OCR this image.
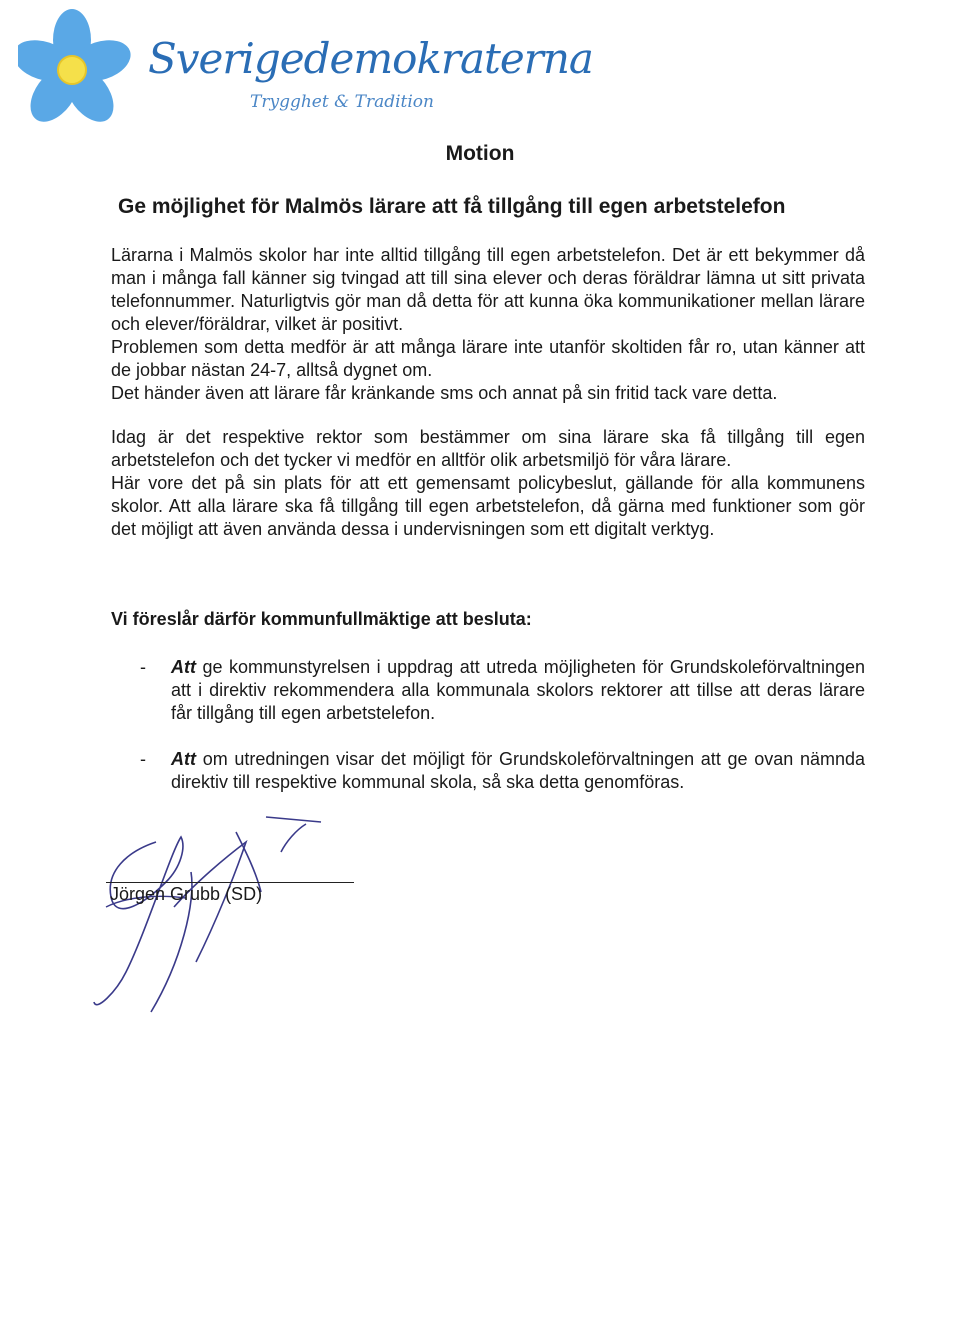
Sverigedemokraterna
Trygghet & Tradition
Motion
Ge möjlighet för Malmös lärare att få tillgång till egen arbetstelefon

Lärarna i Malmös skolor har inte alltid tillgång till egen arbetstelefon. Det är ett bekymmer då man i många fall känner sig tvingad att till sina elever och deras föräldrar lämna ut sitt privata telefonnummer. Naturligtvis gör man då detta för att kunna öka kommunikationer mellan lärare och elever/föräldrar, vilket är positivt.

Problemen som detta medför är att många lärare inte utanför skoltiden får ro, utan känner att de jobbar nästan 24-7, alltså dygnet om.

Det händer även att lärare får kränkande sms och annat på sin fritid tack vare detta.

Idag är det respektive rektor som bestämmer om sina lärare ska få tillgång till egen arbetstelefon och det tycker vi medför en alltför olik arbetsmiljö för våra lärare.

Här vore det på sin plats för att ett gemensamt policybeslut, gällande för alla kommunens skolor. Att alla lärare ska få tillgång till egen arbetstelefon, då gärna med funktioner som gör det möjligt att även använda dessa i undervisningen som ett digitalt verktyg.

Vi föreslår därför kommunfullmäktige att besluta:
- Att ge kommunstyrelsen i uppdrag att utreda möjligheten för Grundskoleförvaltningen att i direktiv rekommendera alla kommunala skolors rektorer att tillse att deras lärare får tillgång till egen arbetstelefon.
- Att om utredningen visar det möjligt för Grundskoleförvaltningen att ge ovan nämnda direktiv till respektive kommunal skola, så ska detta genomföras.
Jörgen Grubb (SD)
